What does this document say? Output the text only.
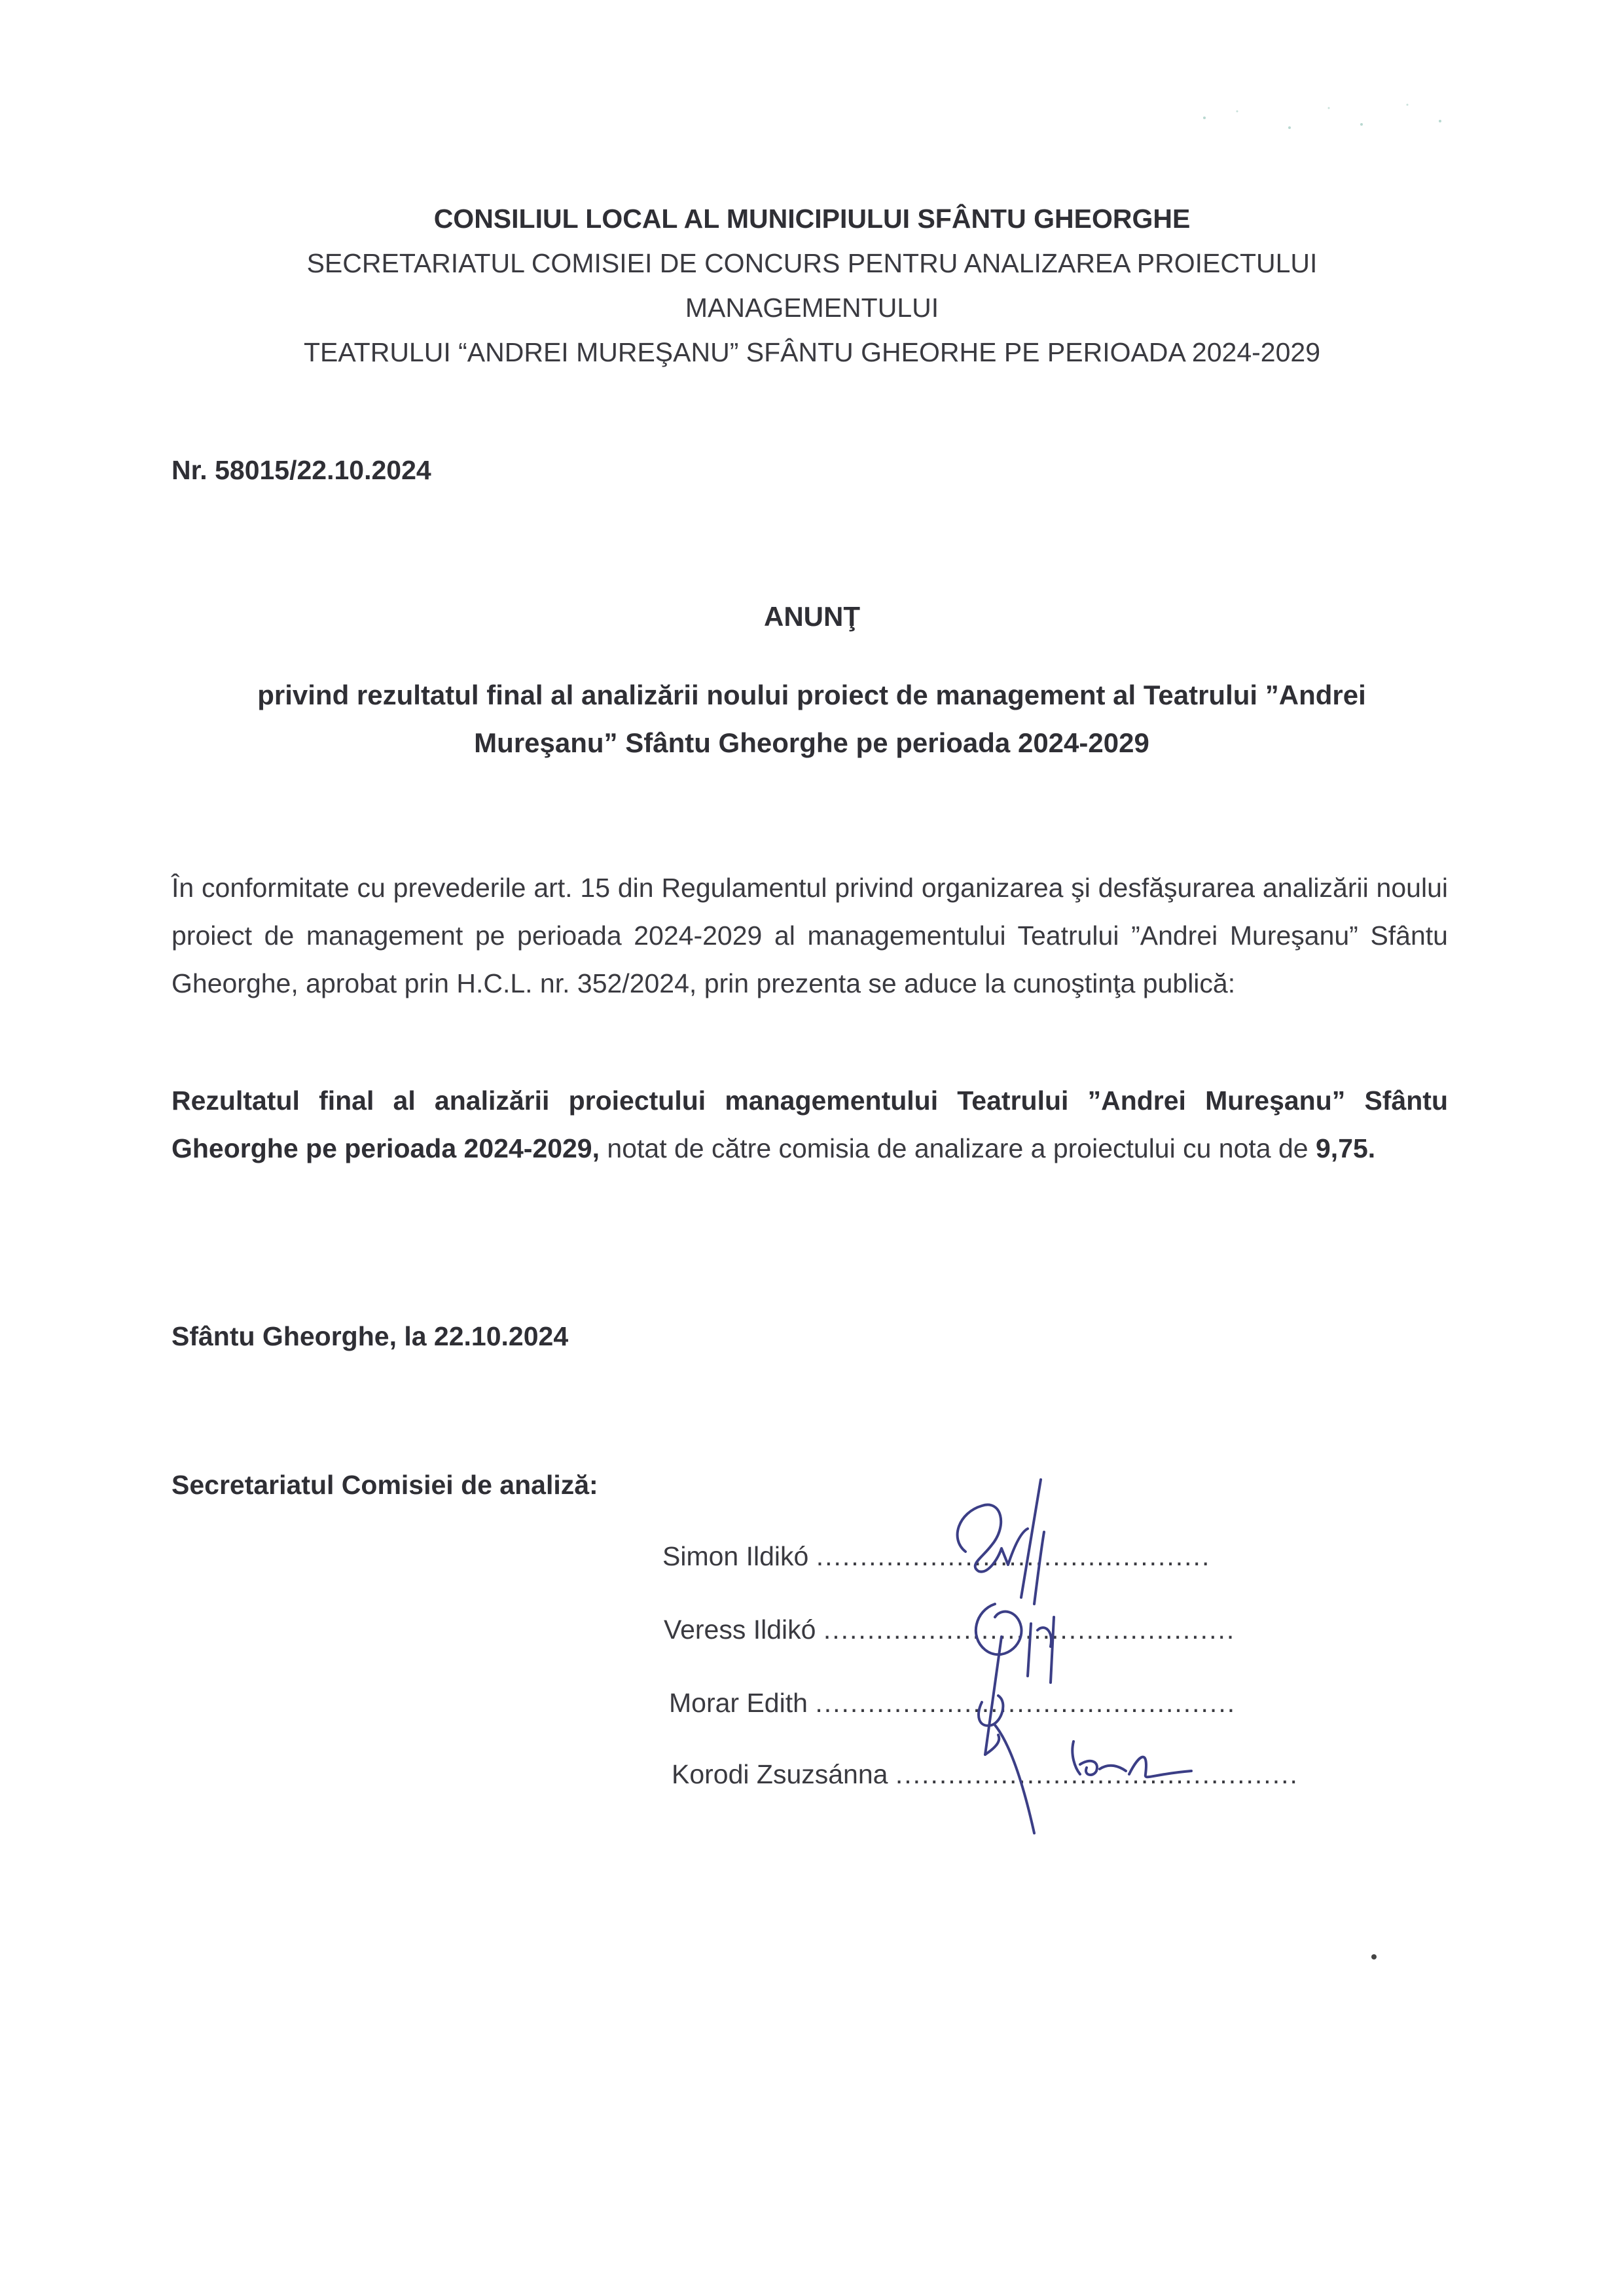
CONSILIUL LOCAL AL MUNICIPIULUI SFÂNTU GHEORGHE
SECRETARIATUL COMISIEI DE CONCURS PENTRU ANALIZAREA PROIECTULUI
MANAGEMENTULUI
TEATRULUI “ANDREI MUREŞANU” SFÂNTU GHEORHE PE PERIOADA 2024-2029
Nr. 58015/22.10.2024
ANUNŢ
privind rezultatul final al analizării noului proiect de management al Teatrului ”Andrei
Mureşanu” Sfântu Gheorghe pe perioada 2024-2029
În conformitate cu prevederile art. 15 din Regulamentul privind organizarea şi desfăşurarea analizării noului proiect de management pe perioada 2024-2029 al managementului Teatrului ”Andrei Mureşanu” Sfântu Gheorghe, aprobat prin H.C.L. nr. 352/2024, prin prezenta se aduce la cunoştinţa publică:
Rezultatul final al analizării proiectului managementului Teatrului ”Andrei Mureşanu” Sfântu Gheorghe pe perioada 2024-2029, notat de către comisia de analizare a proiectului cu nota de 9,75.
Sfântu Gheorghe, la 22.10.2024
Secretariatul Comisiei de analiză:
Simon Ildikó .............................................
Veress Ildikó ...............................................
Morar Edith ................................................
Korodi Zsuzsánna ..............................................
